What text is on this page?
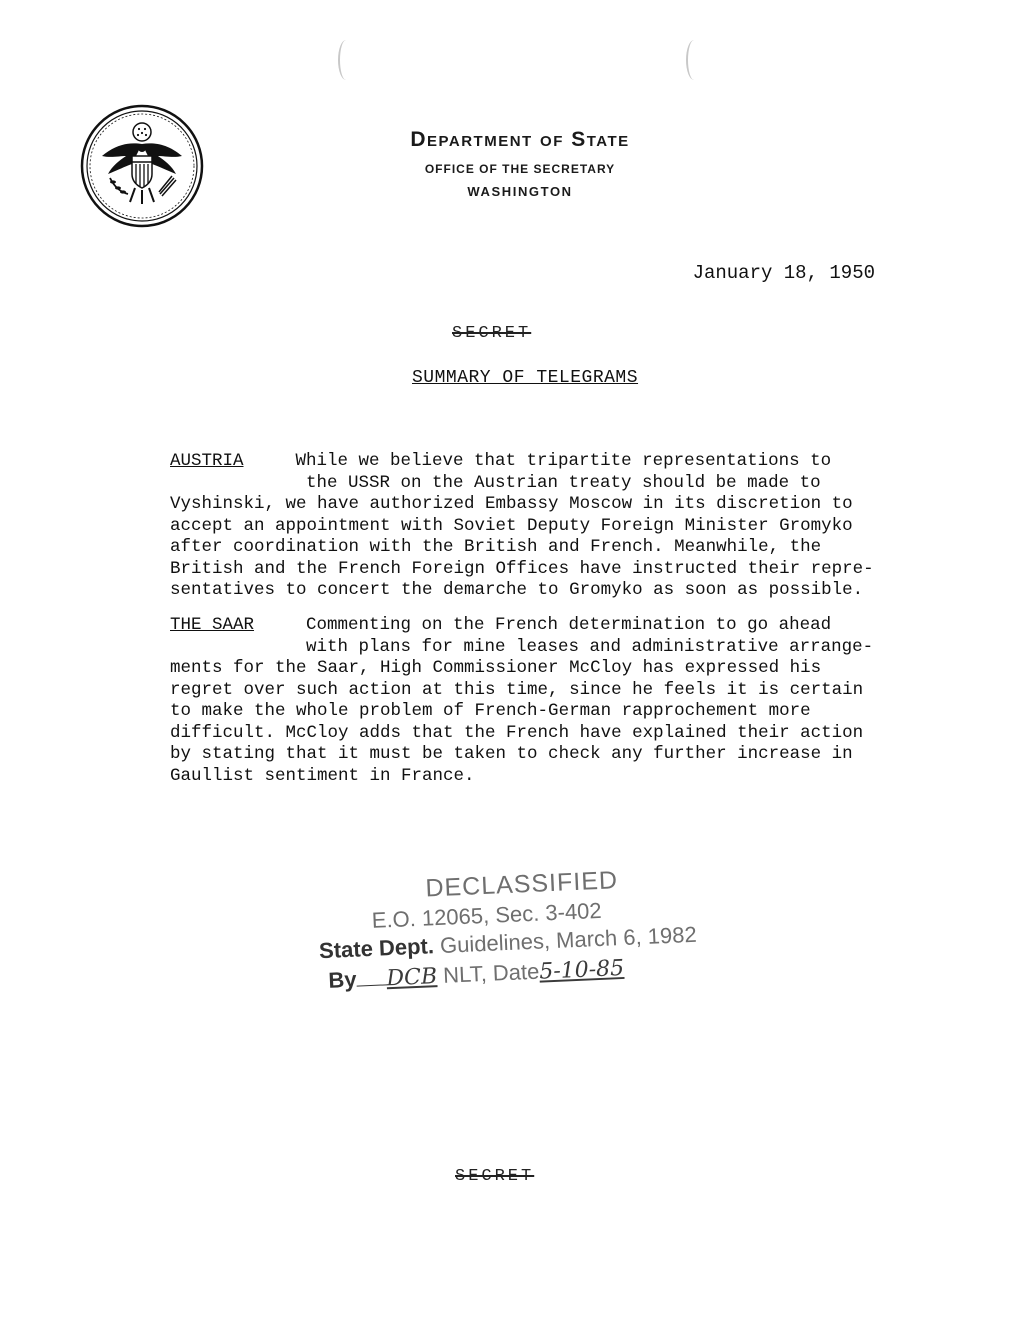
Department of State
OFFICE OF THE SECRETARY
WASHINGTON
January 18, 1950
SECRET
SUMMARY OF TELEGRAMS
AUSTRIA	While we believe that tripartite representations to
the USSR on the Austrian treaty should be made to
Vyshinski, we have authorized Embassy Moscow in its discretion to
accept an appointment with Soviet Deputy Foreign Minister Gromyko
after coordination with the British and French. Meanwhile, the
British and the French Foreign Offices have instructed their repre-
sentatives to concert the demarche to Gromyko as soon as possible.
THE SAAR	Commenting on the French determination to go ahead
with plans for mine leases and administrative arrange-
ments for the Saar, High Commissioner McCloy has expressed his
regret over such action at this time, since he feels it is certain
to make the whole problem of French-German rapprochement more
difficult. McCloy adds that the French have explained their action
by stating that it must be taken to check any further increase in
Gaullist sentiment in France.
DECLASSIFIED
E.O. 12065, Sec. 3-402
State Dept. Guidelines, March 6, 1982
By DCB NLT, Date5-10-85
SECRET
